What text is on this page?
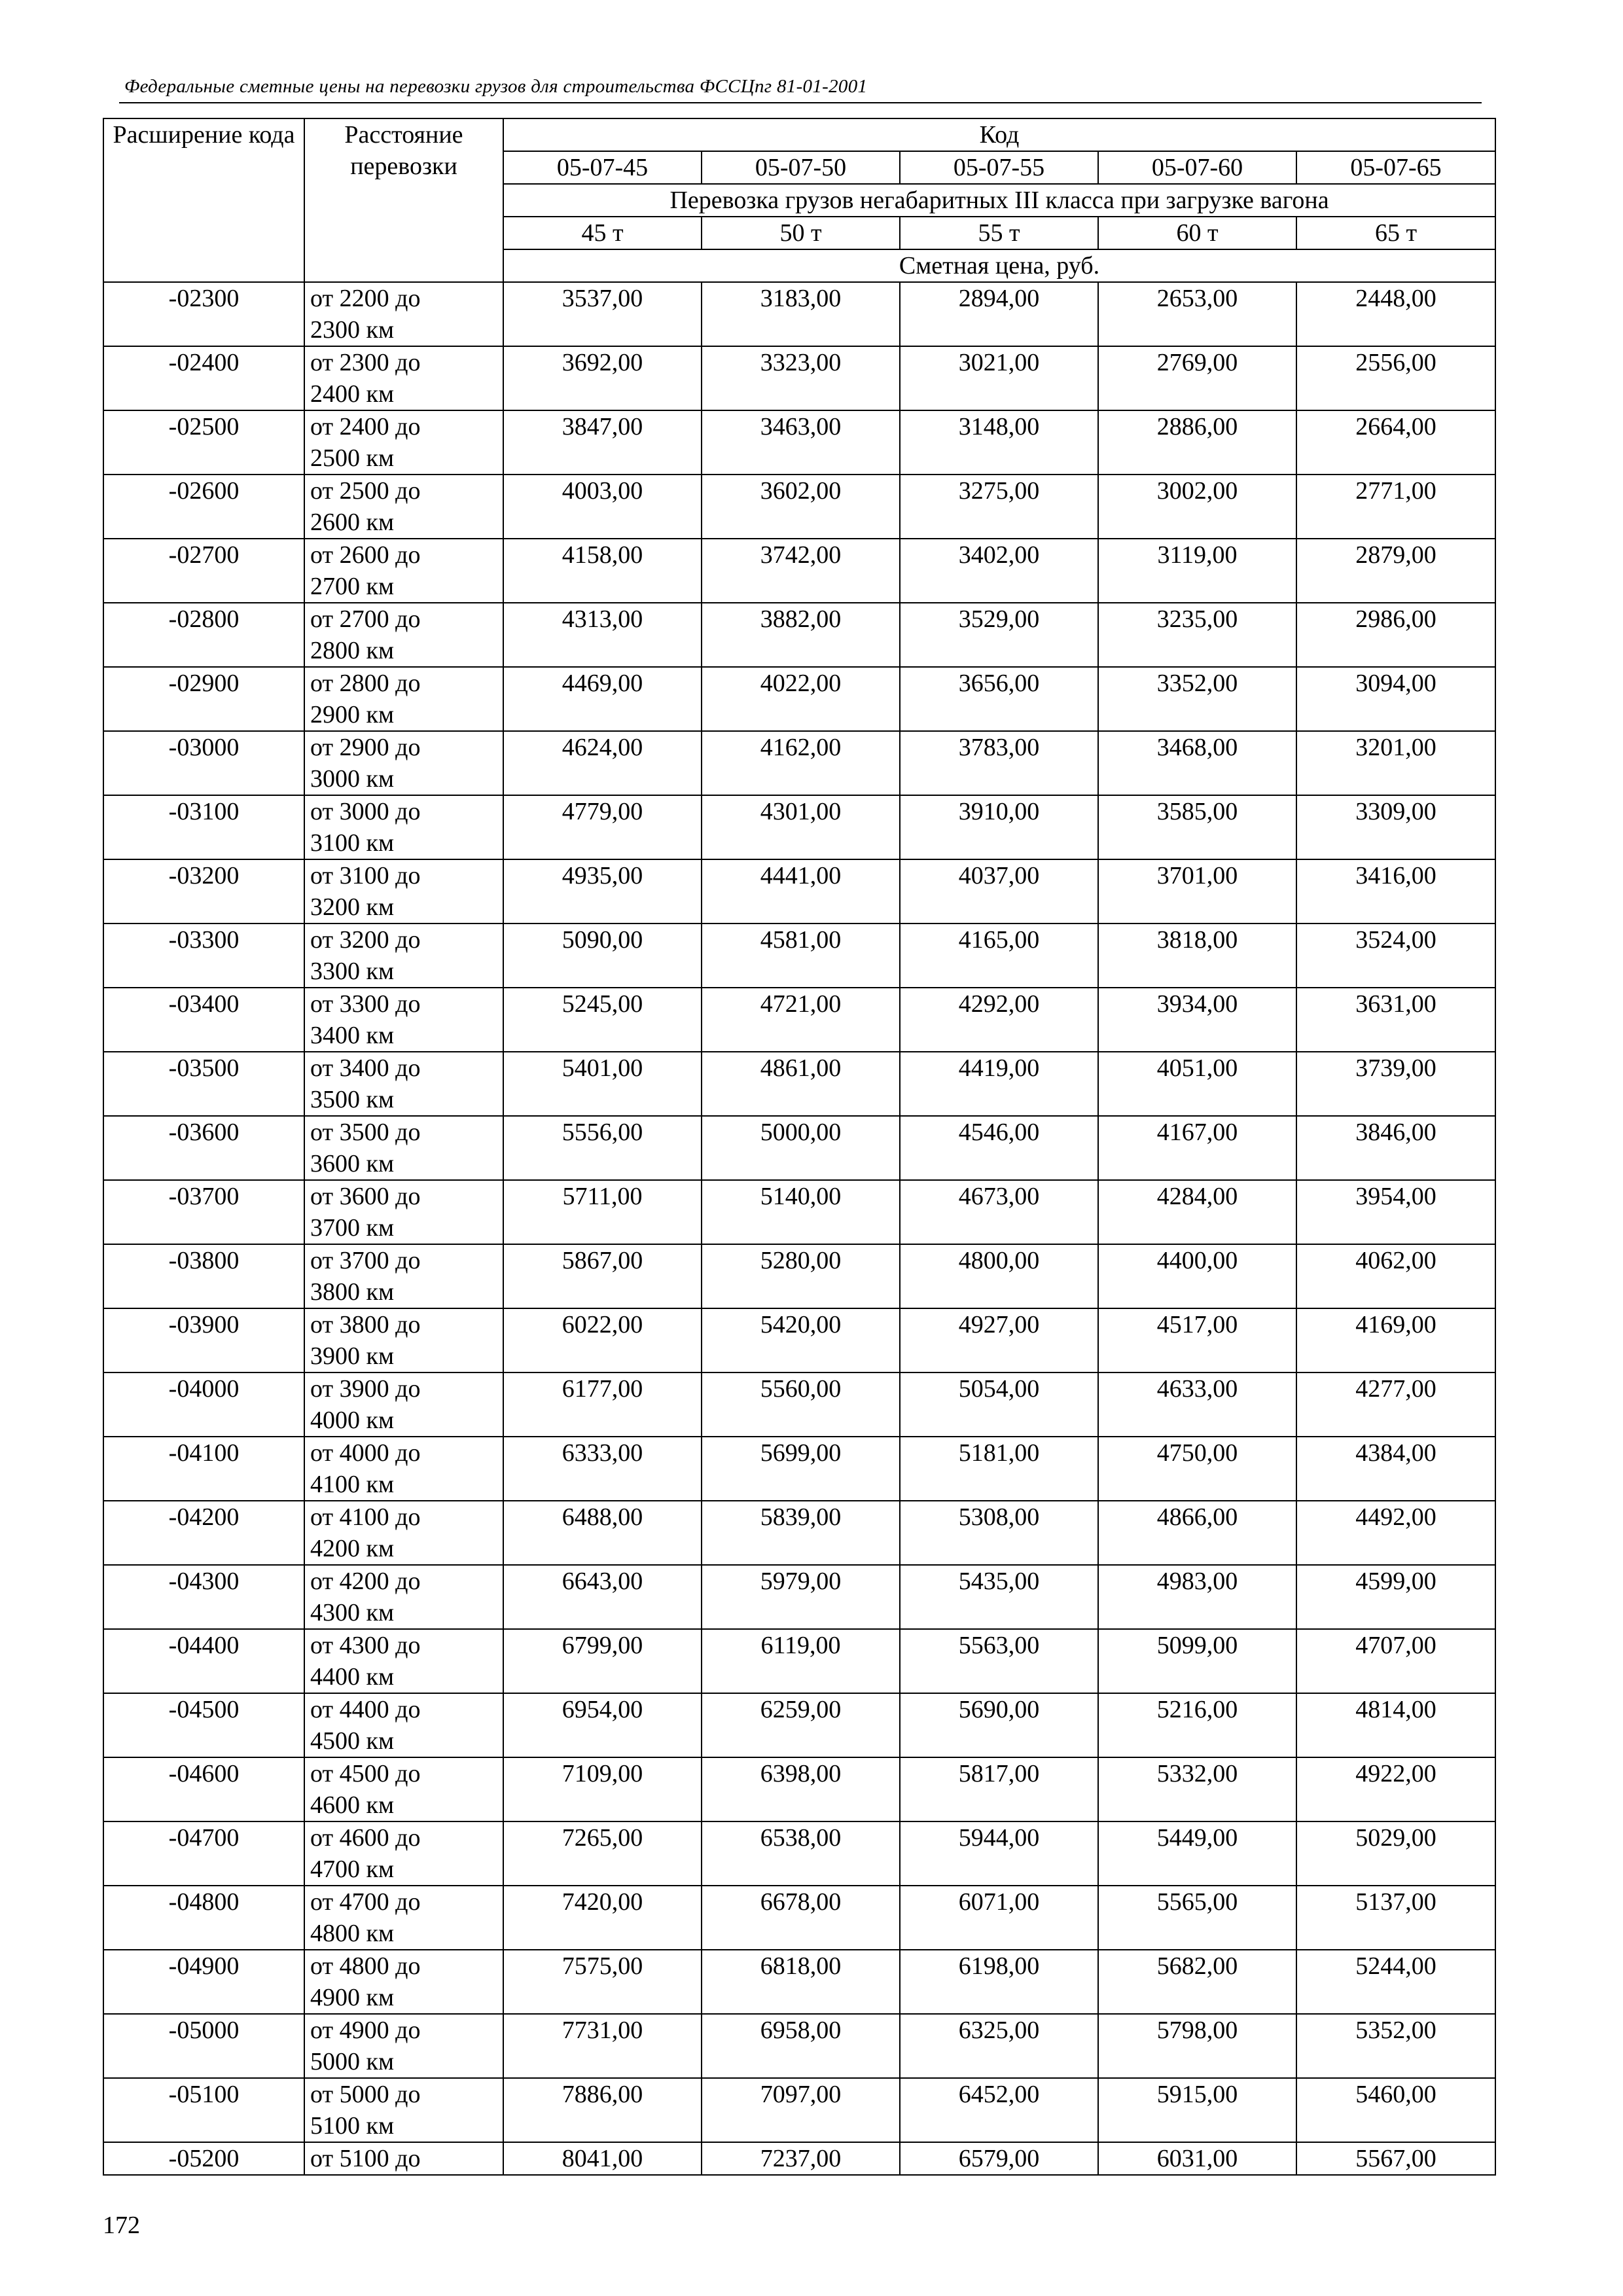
Федеральные сметные цены на перевозки грузов для строительства ФССЦпг 81-01-2001
Расширение кода	Расстояние перевозки	Код				
		05-07-45	05-07-50	05-07-55	05-07-60	05-07-65
		Перевозка грузов негабаритных III класса при загрузке вагона				
		45 т	50 т	55 т	60 т	65 т
		Сметная цена, руб.				
-02300	от 2200 до
2300 км	3537,00	3183,00	2894,00	2653,00	2448,00
-02400	от 2300 до
2400 км	3692,00	3323,00	3021,00	2769,00	2556,00
-02500	от 2400 до
2500 км	3847,00	3463,00	3148,00	2886,00	2664,00
-02600	от 2500 до
2600 км	4003,00	3602,00	3275,00	3002,00	2771,00
-02700	от 2600 до
2700 км	4158,00	3742,00	3402,00	3119,00	2879,00
-02800	от 2700 до
2800 км	4313,00	3882,00	3529,00	3235,00	2986,00
-02900	от 2800 до
2900 км	4469,00	4022,00	3656,00	3352,00	3094,00
-03000	от 2900 до
3000 км	4624,00	4162,00	3783,00	3468,00	3201,00
-03100	от 3000 до
3100 км	4779,00	4301,00	3910,00	3585,00	3309,00
-03200	от 3100 до
3200 км	4935,00	4441,00	4037,00	3701,00	3416,00
-03300	от 3200 до
3300 км	5090,00	4581,00	4165,00	3818,00	3524,00
-03400	от 3300 до
3400 км	5245,00	4721,00	4292,00	3934,00	3631,00
-03500	от 3400 до
3500 км	5401,00	4861,00	4419,00	4051,00	3739,00
-03600	от 3500 до
3600 км	5556,00	5000,00	4546,00	4167,00	3846,00
-03700	от 3600 до
3700 км	5711,00	5140,00	4673,00	4284,00	3954,00
-03800	от 3700 до
3800 км	5867,00	5280,00	4800,00	4400,00	4062,00
-03900	от 3800 до
3900 км	6022,00	5420,00	4927,00	4517,00	4169,00
-04000	от 3900 до
4000 км	6177,00	5560,00	5054,00	4633,00	4277,00
-04100	от 4000 до
4100 км	6333,00	5699,00	5181,00	4750,00	4384,00
-04200	от 4100 до
4200 км	6488,00	5839,00	5308,00	4866,00	4492,00
-04300	от 4200 до
4300 км	6643,00	5979,00	5435,00	4983,00	4599,00
-04400	от 4300 до
4400 км	6799,00	6119,00	5563,00	5099,00	4707,00
-04500	от 4400 до
4500 км	6954,00	6259,00	5690,00	5216,00	4814,00
-04600	от 4500 до
4600 км	7109,00	6398,00	5817,00	5332,00	4922,00
-04700	от 4600 до
4700 км	7265,00	6538,00	5944,00	5449,00	5029,00
-04800	от 4700 до
4800 км	7420,00	6678,00	6071,00	5565,00	5137,00
-04900	от 4800 до
4900 км	7575,00	6818,00	6198,00	5682,00	5244,00
-05000	от 4900 до
5000 км	7731,00	6958,00	6325,00	5798,00	5352,00
-05100	от 5000 до
5100 км	7886,00	7097,00	6452,00	5915,00	5460,00
-05200	от 5100 до	8041,00	7237,00	6579,00	6031,00	5567,00
172
